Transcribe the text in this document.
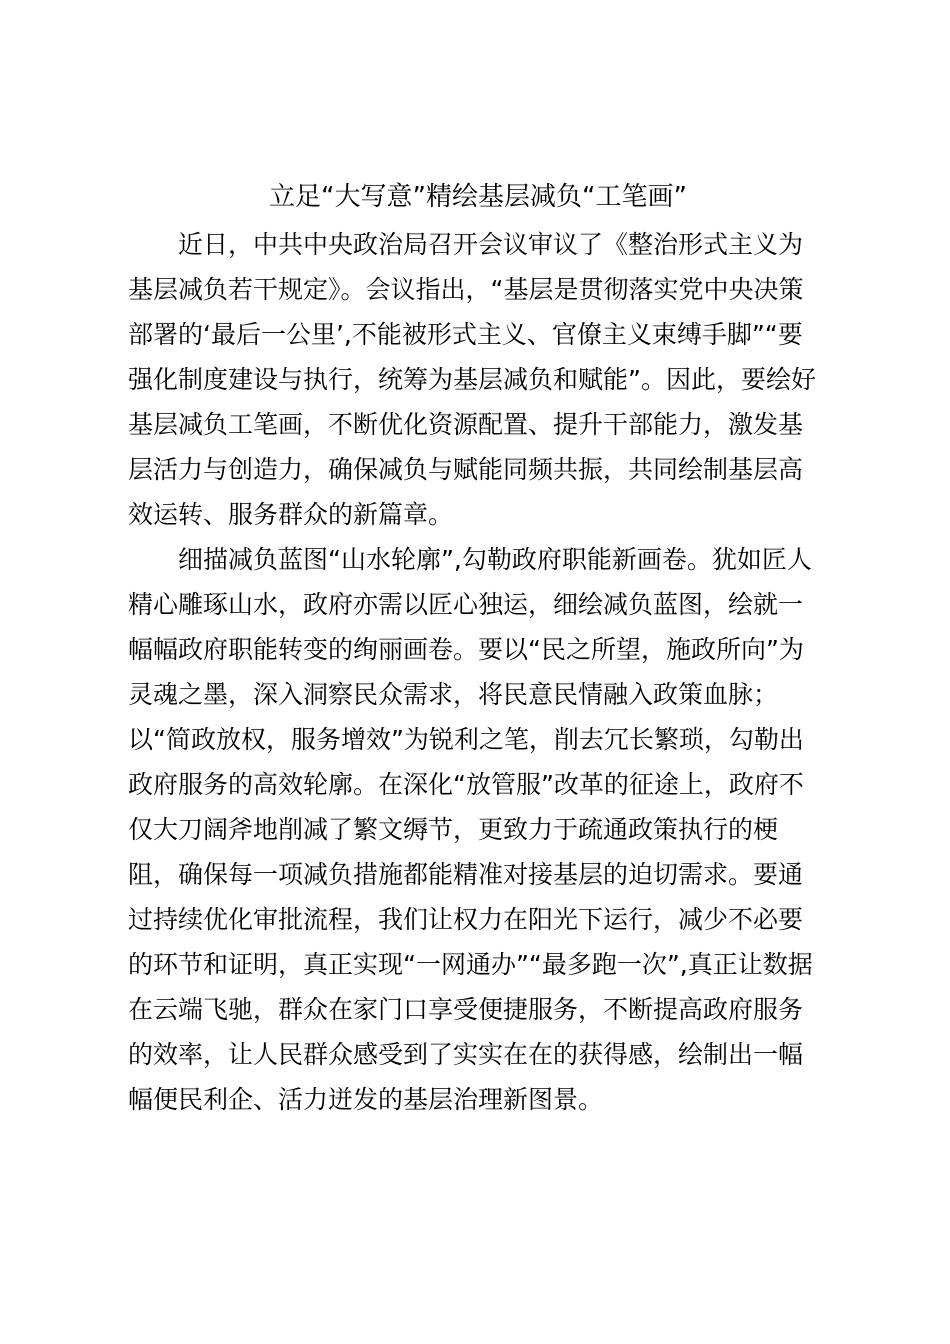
立足“大写意”精绘基层减负“工笔画”

近日，中共中央政治局召开会议审议了《整治形式主义为
基层减负若干规定》。会议指出，“基层是贯彻落实党中央决策
部署的‘最后一公里’,不能被形式主义、官僚主义束缚手脚”“要
强化制度建设与执行，统筹为基层减负和赋能”。因此，要绘好
基层减负工笔画，不断优化资源配置、提升干部能力，激发基
层活力与创造力，确保减负与赋能同频共振，共同绘制基层高
效运转、服务群众的新篇章。

细描减负蓝图“山水轮廓”,勾勒政府职能新画卷。犹如匠人
精心雕琢山水，政府亦需以匠心独运，细绘减负蓝图，绘就一
幅幅政府职能转变的绚丽画卷。要以“民之所望，施政所向”为
灵魂之墨，深入洞察民众需求，将民意民情融入政策血脉；
以“简政放权，服务增效”为锐利之笔，削去冗长繁琐，勾勒出
政府服务的高效轮廓。在深化“放管服”改革的征途上，政府不
仅大刀阔斧地削减了繁文缛节，更致力于疏通政策执行的梗
阻，确保每一项减负措施都能精准对接基层的迫切需求。要通
过持续优化审批流程，我们让权力在阳光下运行，减少不必要
的环节和证明，真正实现“一网通办”“最多跑一次”,真正让数据
在云端飞驰，群众在家门口享受便捷服务，不断提高政府服务
的效率，让人民群众感受到了实实在在的获得感，绘制出一幅
幅便民利企、活力迸发的基层治理新图景。
